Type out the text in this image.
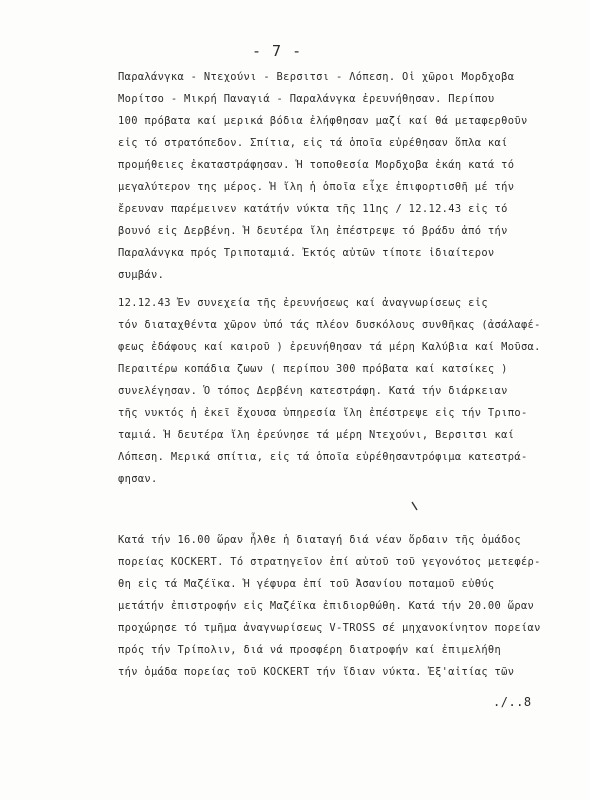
- 7 -
Παραλάνγκα - Ντεχούνι - Βερσιτσι - Λόπεση. Οἱ χῶροι Μορδχοβα
Μορίτσο - Μικρή Παναγιά - Παραλάνγκα ἐρευνήθησαν. Περίπου
100 πρόβατα καί μερικά βόδια ἐλήφθησαν μαζί καί θά μεταφερθοῦν
εἰς τό στρατόπεδον. Σπίτια, εἰς τά ὁποῖα εὑρέθησαν ὅπλα καί
προμήθειες ἐκαταστράφησαν. Ἡ τοποθεσία Μορδχοβα ἐκάη κατά τό
μεγαλύτερον της μέρος. Ἡ ἴλη ἡ ὁποῖα εἶχε ἐπιφορτισθῆ μέ τήν
ἔρευναν παρέμεινεν κατάτήν νύκτα τῆς 11ης / 12.12.43 εἰς τό
βουνό εἰς Δερβένη. Ἡ δευτέρα ἴλη ἐπέστρεψε τό βράδυ ἀπό τήν
Παραλάνγκα πρός Τριποταμιά. Ἐκτός αὐτῶν τίποτε ἰδιαίτερον
συμβάν.
12.12.43 Ἐν συνεχεία τῆς ἐρευνήσεως καί ἀναγνωρίσεως εἰς
τόν διαταχθέντα χῶρον ὑπό τάς πλέον δυσκόλους συνθῆκας (ἀσάλαφέ-
φεως ἐδάφους καί καιροῦ ) ἐρευνήθησαν τά μέρη Καλύβια καί Μοῦσα.
Περαιτέρω κοπάδια ζωων ( περίπου 300 πρόβατα καί κατσίκες )
συνελέγησαν. Ὁ τόπος Δερβένη κατεστράφη. Κατά τήν διάρκειαν
τῆς νυκτός ἡ ἐκεῖ ἔχουσα ὑπηρεσία ἴλη ἐπέστρεψε εἰς τήν Τριπο-
ταμιά. Ἡ δευτέρα ἴλη ἐρεύνησε τά μέρη Ντεχούνι, Βερσιτσι καί
Λόπεση. Μερικά σπίτια, εἰς τά ὁποῖα εὑρέθησαντρόφιμα κατεστρά-
φησαν.
Κατά τήν 16.00 ὥραν ἦλθε ἡ διαταγή διά νέαν ὅρδαιν τῆς ὁμάδος
πορείας KOCKERT. Τό στρατηγεῖον ἐπί αὐτοῦ τοῦ γεγονότος μετεφέρ-
θη εἰς τά Μαζέϊκα. Ἡ γέφυρα ἐπί τοῦ Ἀσανίου ποταμοῦ εὐθύς
μετάτήν ἐπιστροφήν εἰς Μαζέϊκα ἐπιδιορθώθη. Κατά τήν 20.00 ὥραν
προχώρησε τό τμῆμα ἀναγνωρίσεως V-TROSS σέ μηχανοκίνητον πορείαν
πρός τήν Τρίπολιν, διά νά προσφέρη διατροφήν καί ἐπιμελήθη
τήν ὁμάδα πορείας τοῦ KOCKERT τήν ἴδιαν νύκτα. Ἐξ'αἰτίας τῶν
./..8
